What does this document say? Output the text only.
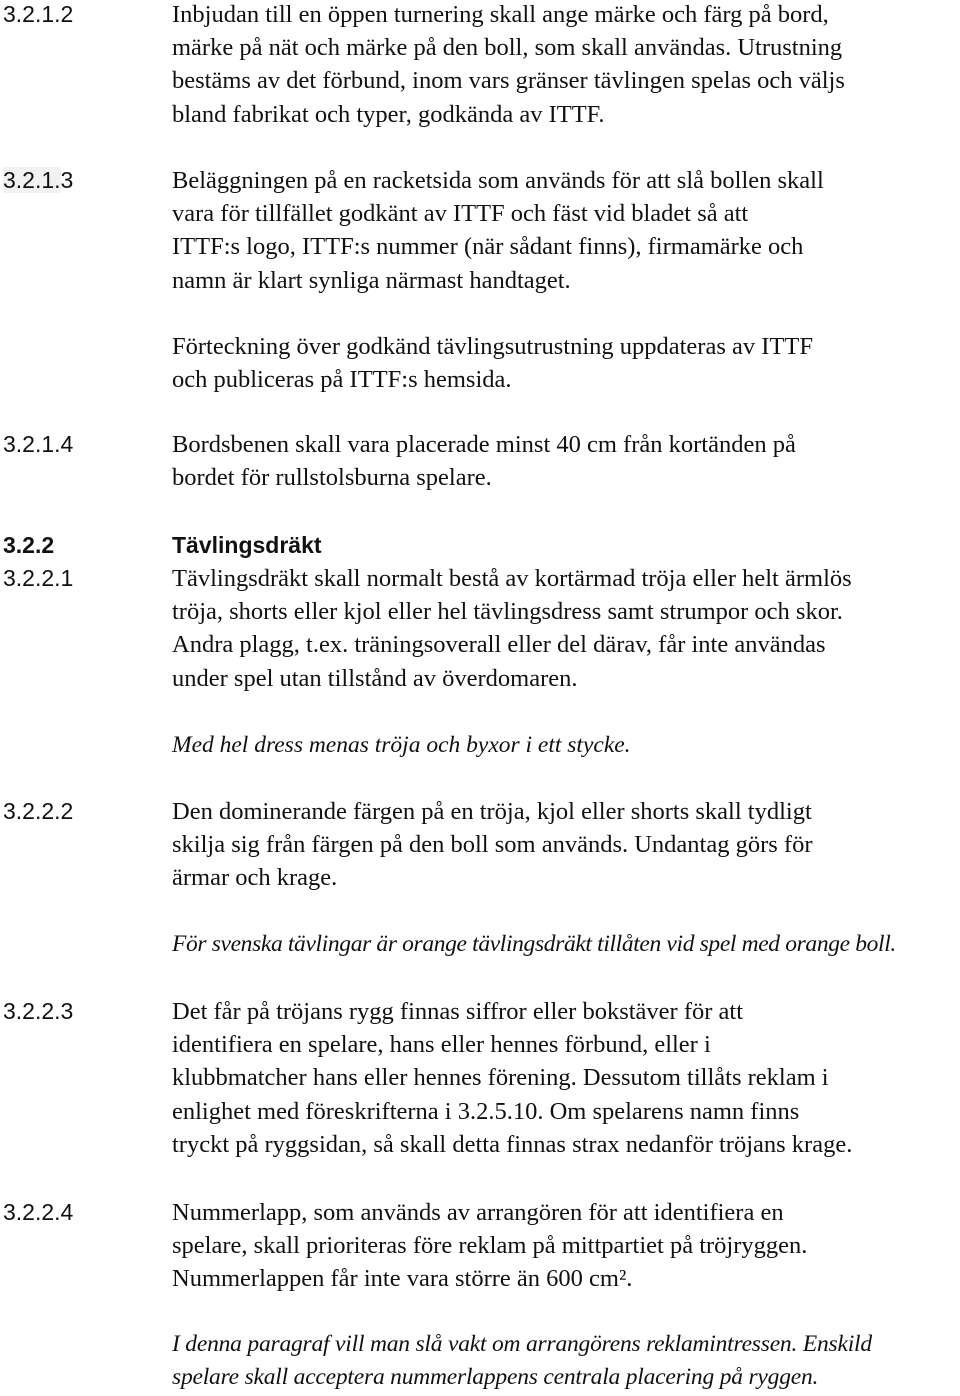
3.2.1.2	Inbjudan till en öppen turnering skall ange märke och färg på bord,
märke på nät och märke på den boll, som skall användas. Utrustning
bestäms av det förbund, inom vars gränser tävlingen spelas och väljs
bland fabrikat och typer, godkända av ITTF.

3.2.1.3	Beläggningen på en racketsida som används för att slå bollen skall
vara för tillfället godkänt av ITTF och fäst vid bladet så att
ITTF:s logo, ITTF:s nummer (när sådant finns), firmamärke och
namn är klart synliga närmast handtaget.

Förteckning över godkänd tävlingsutrustning uppdateras av ITTF
och publiceras på ITTF:s hemsida.

3.2.1.4	Bordsbenen skall vara placerade minst 40 cm från kortänden på
bordet för rullstolsburna spelare.

3.2.2	Tävlingsdräkt
3.2.2.1	Tävlingsdräkt skall normalt bestå av kortärmad tröja eller helt ärmlös
tröja, shorts eller kjol eller hel tävlingsdress samt strumpor och skor.
Andra plagg, t.ex. träningsoverall eller del därav, får inte användas
under spel utan tillstånd av överdomaren.

Med hel dress menas tröja och byxor i ett stycke.

3.2.2.2	Den dominerande färgen på en tröja, kjol eller shorts skall tydligt
skilja sig från färgen på den boll som används. Undantag görs för
ärmar och krage.

För svenska tävlingar är orange tävlingsdräkt tillåten vid spel med orange boll.

3.2.2.3	Det får på tröjans rygg finnas siffror eller bokstäver för att
identifiera en spelare, hans eller hennes förbund, eller i
klubbmatcher hans eller hennes förening. Dessutom tillåts reklam i
enlighet med föreskrifterna i 3.2.5.10. Om spelarens namn finns
tryckt på ryggsidan, så skall detta finnas strax nedanför tröjans krage.

3.2.2.4	Nummerlapp, som används av arrangören för att identifiera en
spelare, skall prioriteras före reklam på mittpartiet på tröjryggen.
Nummerlappen får inte vara större än 600 cm².

I denna paragraf vill man slå vakt om arrangörens reklamintressen. Enskild
spelare skall acceptera nummerlappens centrala placering på ryggen.
